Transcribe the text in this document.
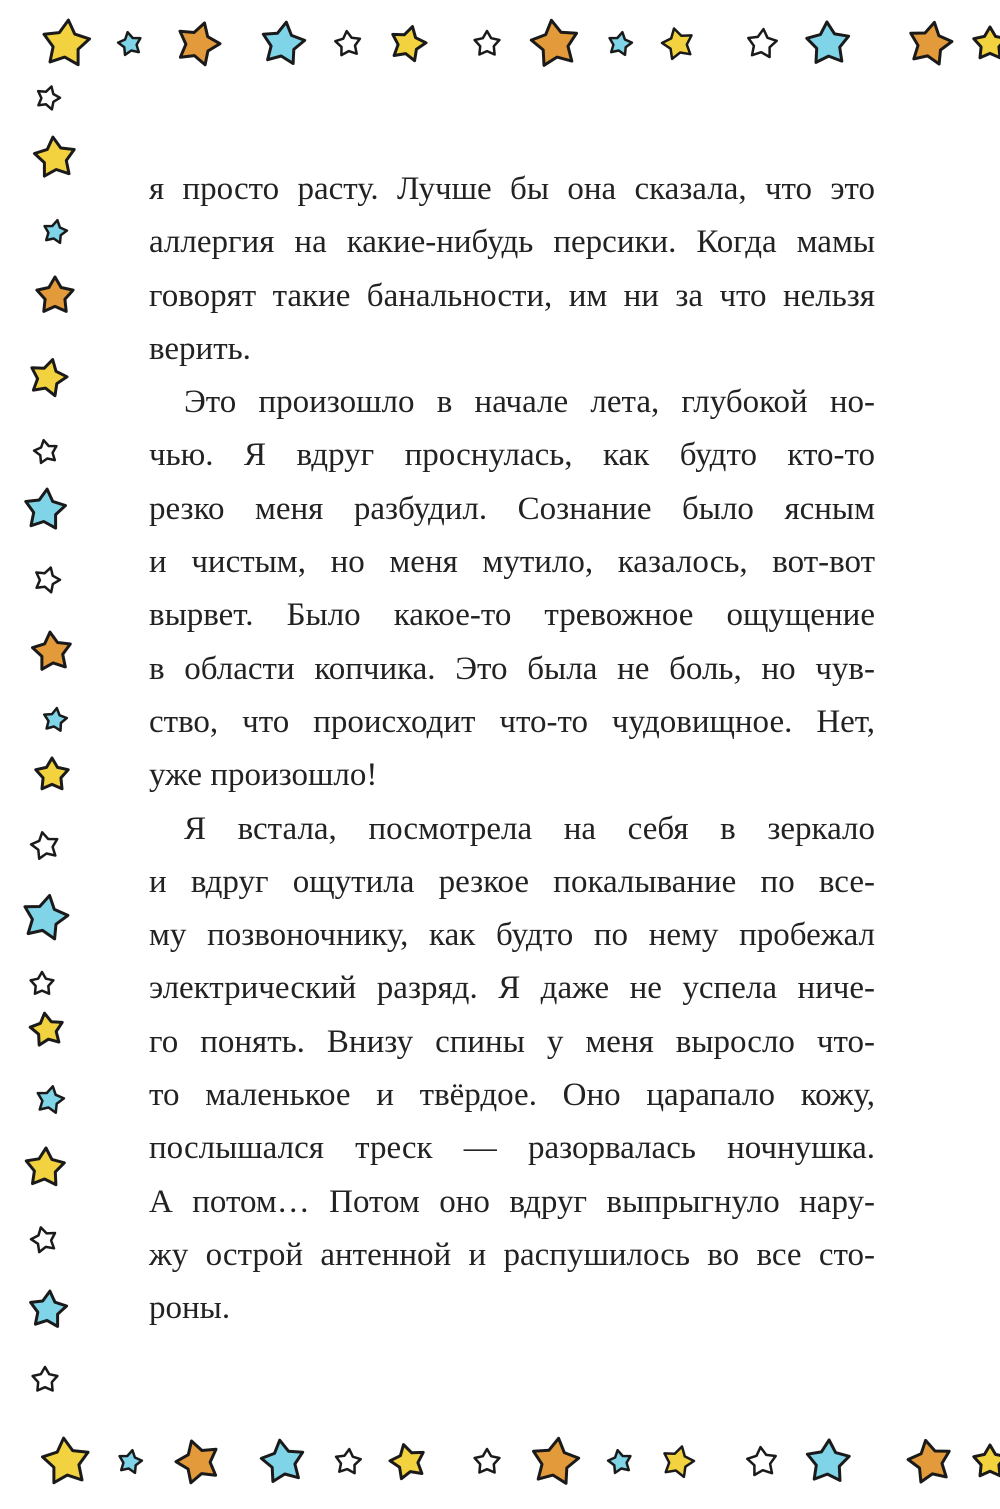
я просто расту. Лучше бы она сказала, что это
аллергия на какие-нибудь персики. Когда мамы
говорят такие банальности, им ни за что нельзя
верить.
Это произошло в начале лета, глубокой но-
чью. Я вдруг проснулась, как будто кто-то
резко меня разбудил. Сознание было ясным
и чистым, но меня мутило, казалось, вот-вот
вырвет. Было какое-то тревожное ощущение
в области копчика. Это была не боль, но чув-
ство, что происходит что-то чудовищное. Нет,
уже произошло!
Я встала, посмотрела на себя в зеркало
и вдруг ощутила резкое покалывание по все-
му позвоночнику, как будто по нему пробежал
электрический разряд. Я даже не успела ниче-
го понять. Внизу спины у меня выросло что-
то маленькое и твёрдое. Оно царапало кожу,
послышался треск — разорвалась ночнушка.
А потом… Потом оно вдруг выпрыгнуло нару-
жу острой антенной и распушилось во все сто-
роны.
